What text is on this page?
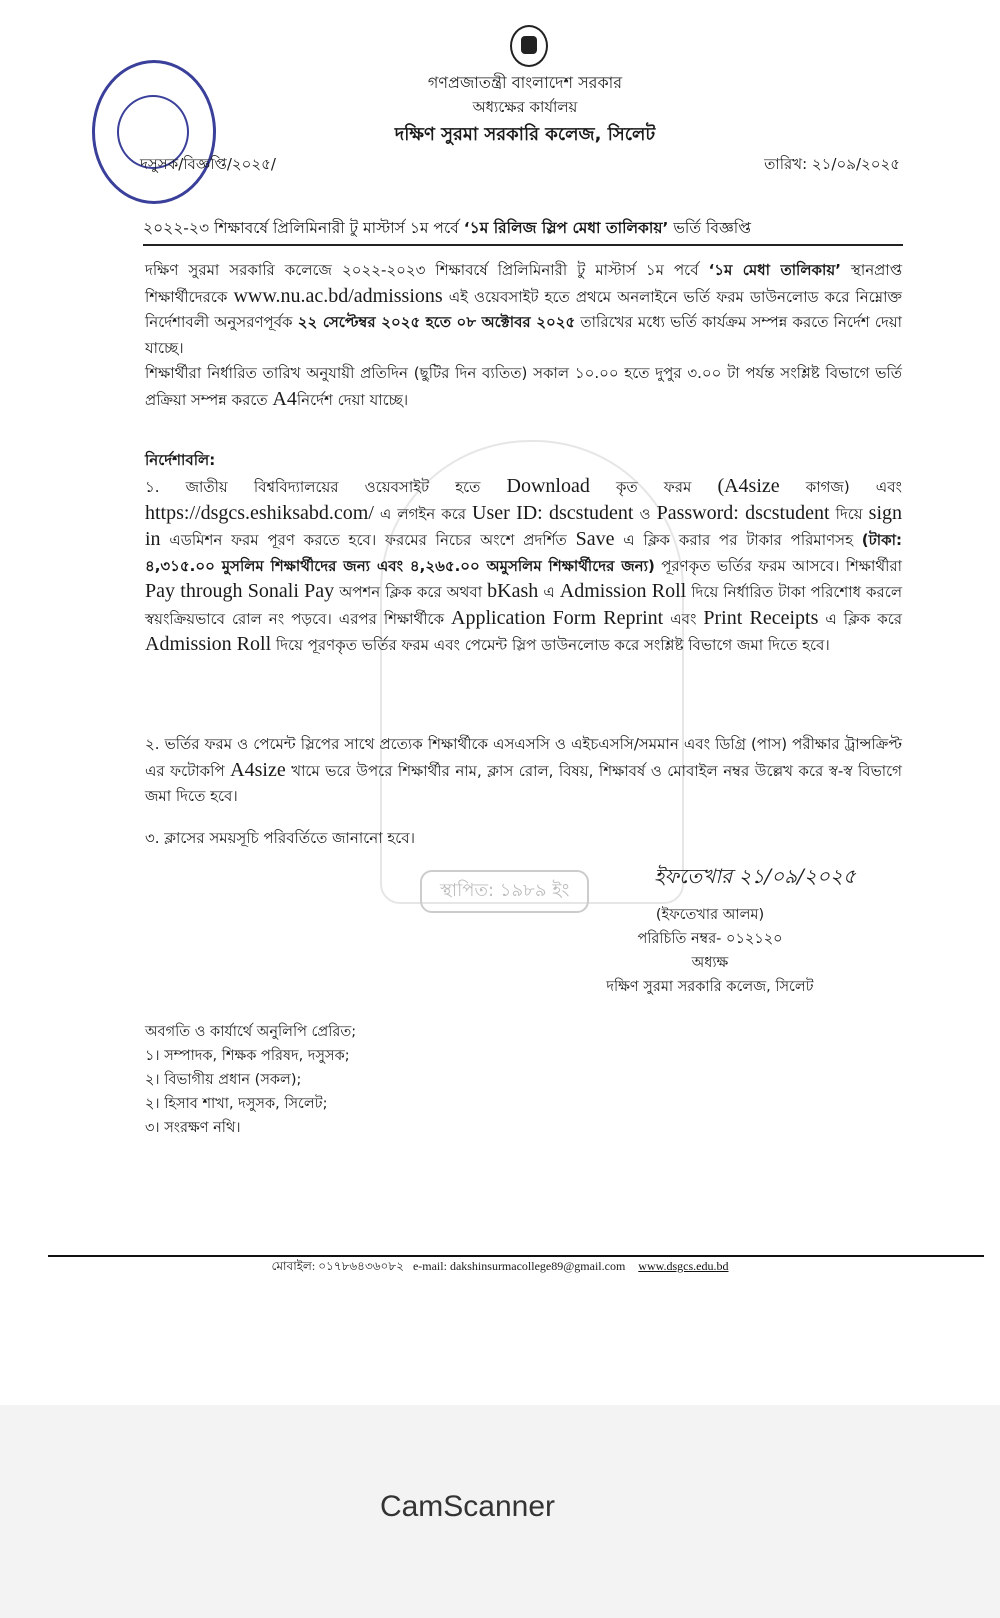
স্থাপিত: ১৯৮৯ ইং
গণপ্রজাতন্ত্রী বাংলাদেশ সরকার
অধ্যক্ষের কার্যালয়
দক্ষিণ সুরমা সরকারি কলেজ, সিলেট
দসুসক/বিজ্ঞপ্তি/২০২৫/	তারিখ: ২১/০৯/২০২৫
২০২২-২৩ শিক্ষাবর্ষে প্রিলিমিনারী টু মাস্টার্স ১ম পর্বে ‘১ম রিলিজ স্লিপ মেধা তালিকায়’ ভর্তি বিজ্ঞপ্তি
দক্ষিণ সুরমা সরকারি কলেজে ২০২২-২০২৩ শিক্ষাবর্ষে প্রিলিমিনারী টু মাস্টার্স ১ম পর্বে ‘১ম মেধা তালিকায়’ স্থানপ্রাপ্ত শিক্ষার্থীদেরকে www.nu.ac.bd/admissions এই ওয়েবসাইট হতে প্রথমে অনলাইনে ভর্তি ফরম ডাউনলোড করে নিম্নোক্ত নির্দেশাবলী অনুসরণপূর্বক ২২ সেপ্টেম্বর ২০২৫ হতে ০৮ অক্টোবর ২০২৫ তারিখের মধ্যে ভর্তি কার্যক্রম সম্পন্ন করতে নির্দেশ দেয়া যাচ্ছে।
শিক্ষার্থীরা নির্ধারিত তারিখ অনুযায়ী প্রতিদিন (ছুটির দিন ব্যতিত) সকাল ১০.০০ হতে দুপুর ৩.০০ টা পর্যন্ত সংশ্লিষ্ট বিভাগে ভর্তি প্রক্রিয়া সম্পন্ন করতে A4নির্দেশ দেয়া যাচ্ছে।
নির্দেশাবলি:
১. জাতীয় বিশ্ববিদ্যালয়ের ওয়েবসাইট হতে Download কৃত ফরম (A4size কাগজ) এবং https://dsgcs.eshiksabd.com/ এ লগইন করে User ID: dscstudent ও Password: dscstudent দিয়ে sign in এডমিশন ফরম পূরণ করতে হবে। ফরমের নিচের অংশে প্রদর্শিত Save এ ক্লিক করার পর টাকার পরিমাণসহ (টাকা: ৪,৩১৫.০০ মুসলিম শিক্ষার্থীদের জন্য এবং ৪,২৬৫.০০ অমুসলিম শিক্ষার্থীদের জন্য) পূরণকৃত ভর্তির ফরম আসবে। শিক্ষার্থীরা Pay through Sonali Pay অপশন ক্লিক করে অথবা bKash এ Admission Roll দিয়ে নির্ধারিত টাকা পরিশোধ করলে স্বয়ংক্রিয়ভাবে রোল নং পড়বে। এরপর শিক্ষার্থীকে Application Form Reprint এবং Print Receipts এ ক্লিক করে Admission Roll দিয়ে পূরণকৃত ভর্তির ফরম এবং পেমেন্ট স্লিপ ডাউনলোড করে সংশ্লিষ্ট বিভাগে জমা দিতে হবে।
২. ভর্তির ফরম ও পেমেন্ট স্লিপের সাথে প্রত্যেক শিক্ষার্থীকে এসএসসি ও এইচএসসি/সমমান এবং ডিগ্রি (পাস) পরীক্ষার ট্রান্সক্রিপ্ট এর ফটোকপি A4size খামে ভরে উপরে শিক্ষার্থীর নাম, ক্লাস রোল, বিষয়, শিক্ষাবর্ষ ও মোবাইল নম্বর উল্লেখ করে স্ব-স্ব বিভাগে জমা দিতে হবে।
৩. ক্লাসের সময়সূচি পরিবর্তিতে জানানো হবে।
ইফতেখার ২১/০৯/২০২৫
(ইফতেখার আলম)
পরিচিতি নম্বর- ০১২১২০
অধ্যক্ষ
দক্ষিণ সুরমা সরকারি কলেজ, সিলেট
অবগতি ও কার্যার্থে অনুলিপি প্রেরিত;
১। সম্পাদক, শিক্ষক পরিষদ, দসুসক;
২। বিভাগীয় প্রধান (সকল);
২। হিসাব শাখা, দসুসক, সিলেট;
৩। সংরক্ষণ নথি।
মোবাইল: ০১৭৮৬৪৩৬০৮২ e-mail: dakshinsurmacollege89@gmail.com www.dsgcs.edu.bd
CamScanner
